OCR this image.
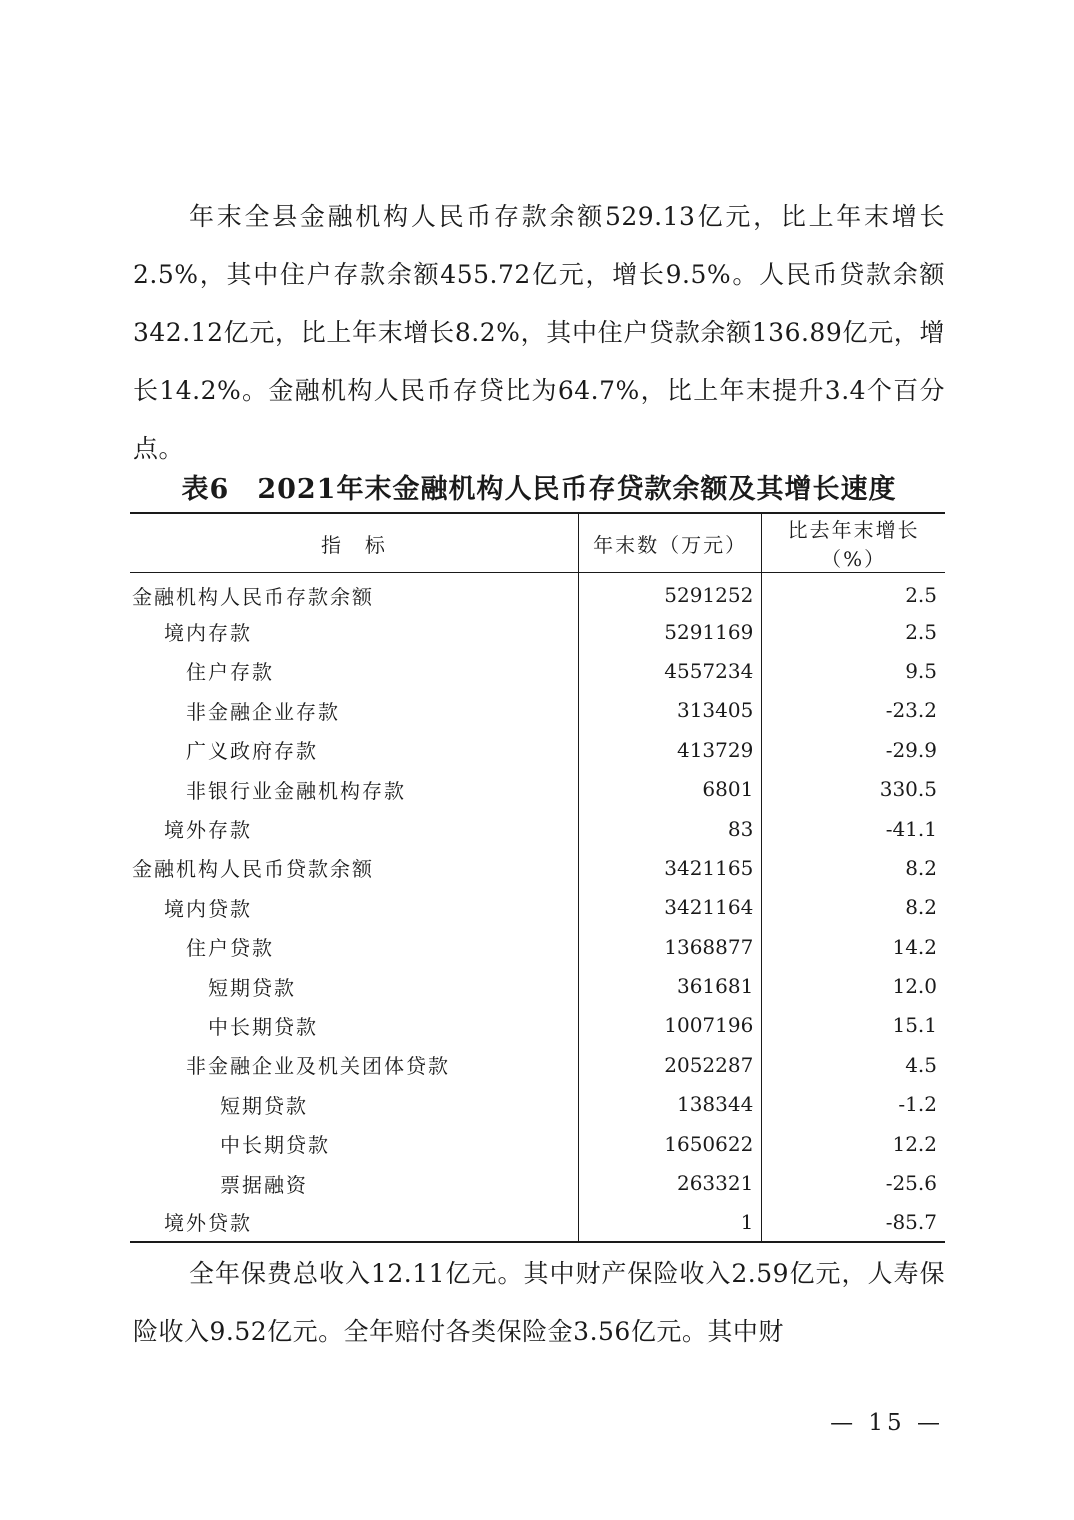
年末全县金融机构人民币存款余额529.13亿元，比上年末增长2.5%，其中住户存款余额455.72亿元，增长9.5%。人民币贷款余额342.12亿元，比上年末增长8.2%，其中住户贷款余额136.89亿元，增长14.2%。金融机构人民币存贷比为64.7%，比上年末提升3.4个百分点。

表6　2021年末金融机构人民币存贷款余额及其增长速度
指　标	年末数（万元）	比去年末增长（%）
金融机构人民币存款余额	5291252	2.5
境内存款	5291169	2.5
住户存款	4557234	9.5
非金融企业存款	313405	-23.2
广义政府存款	413729	-29.9
非银行业金融机构存款	6801	330.5
境外存款	83	-41.1
金融机构人民币贷款余额	3421165	8.2
境内贷款	3421164	8.2
住户贷款	1368877	14.2
短期贷款	361681	12.0
中长期贷款	1007196	15.1
非金融企业及机关团体贷款	2052287	4.5
短期贷款	138344	-1.2
中长期贷款	1650622	12.2
票据融资	263321	-25.6
境外贷款	1	-85.7

全年保费总收入12.11亿元。其中财产保险收入2.59亿元，人寿保险收入9.52亿元。全年赔付各类保险金3.56亿元。其中财

— 15 —
